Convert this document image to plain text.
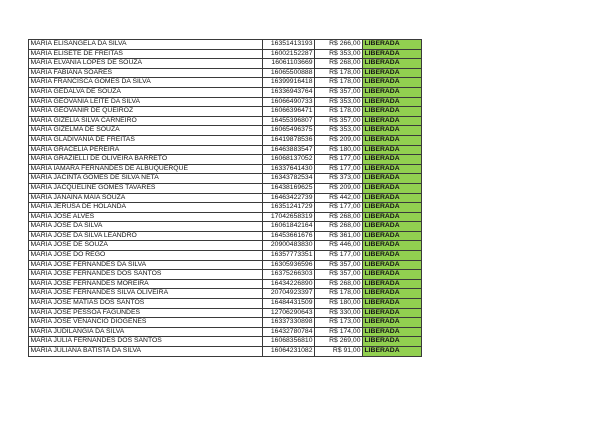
MARIA ELISANGELA DA SILVA	16351413193	R$ 266,00 LIBERADA
MARIA ELISETE DE FREITAS	16002152287	R$ 353,00 LIBERADA
MARIA ELVANIA LOPES DE SOUZA	16061103669	R$ 268,00 LIBERADA
MARIA FABIANA SOARES	16065500888	R$ 178,00 LIBERADA
MARIA FRANCISCA GOMES DA SILVA	16399916418	R$ 178,00 LIBERADA
MARIA GEDALVA DE SOUZA	16336943764	R$ 357,00 LIBERADA
MARIA GEOVANIA LEITE DA SILVA	16066490733	R$ 353,00 LIBERADA
MARIA GEOVANIR DE QUEIROZ	16066396471	R$ 178,00 LIBERADA
MARIA GIZELIA SILVA CARNEIRO	16455396807	R$ 357,00 LIBERADA
MARIA GIZELMA DE SOUZA	16065496375	R$ 353,00 LIBERADA
MARIA GLADIVANIA DE FREITAS	16419878536	R$ 209,00 LIBERADA
MARIA GRACELIA PEREIRA	16463883547	R$ 180,00 LIBERADA
MARIA GRAZIELLI DE OLIVEIRA BARRETO	16068137052	R$ 177,00 LIBERADA
MARIA IAMARA FERNANDES DE ALBUQUERQUE	16337641430	R$ 177,00 LIBERADA
MARIA JACINTA GOMES DE SILVA NETA	16343782534	R$ 373,00 LIBERADA
MARIA JACQUELINE GOMES TAVARES	16438169625	R$ 209,00 LIBERADA
MARIA JANAINA MAIA SOUZA	16463422739	R$ 442,00 LIBERADA
MARIA JERUSA DE HOLANDA	16351241729	R$ 177,00 LIBERADA
MARIA JOSE ALVES	17042658319	R$ 268,00 LIBERADA
MARIA JOSE DA SILVA	16061842164	R$ 268,00 LIBERADA
MARIA JOSE DA SILVA LEANDRO	16453661676	R$ 361,00 LIBERADA
MARIA JOSE DE SOUZA	20900483830	R$ 446,00 LIBERADA
MARIA JOSE DO REGO	16357773351	R$ 177,00 LIBERADA
MARIA JOSE FERNANDES DA SILVA	16305936596	R$ 357,00 LIBERADA
MARIA JOSE FERNANDES DOS SANTOS	16375266303	R$ 357,00 LIBERADA
MARIA JOSE FERNANDES MOREIRA	16434226890	R$ 268,00 LIBERADA
MARIA JOSE FERNANDES SILVA OLIVEIRA	20704923397	R$ 178,00 LIBERADA
MARIA JOSE MATIAS DOS SANTOS	16484431509	R$ 180,00 LIBERADA
MARIA JOSE PESSOA FAGUNDES	12706290643	R$ 330,00 LIBERADA
MARIA JOSE VENANCIO DIOGENES	16337330898	R$ 173,00 LIBERADA
MARIA JUDILANGIA DA SILVA	16432780784	R$ 174,00 LIBERADA
MARIA JULIA FERNANDES DOS SANTOS	16068356810	R$ 269,00 LIBERADA
MARIA JULIANA BATISTA DA SILVA	16064231082	R$ 91,00 LIBERADA
